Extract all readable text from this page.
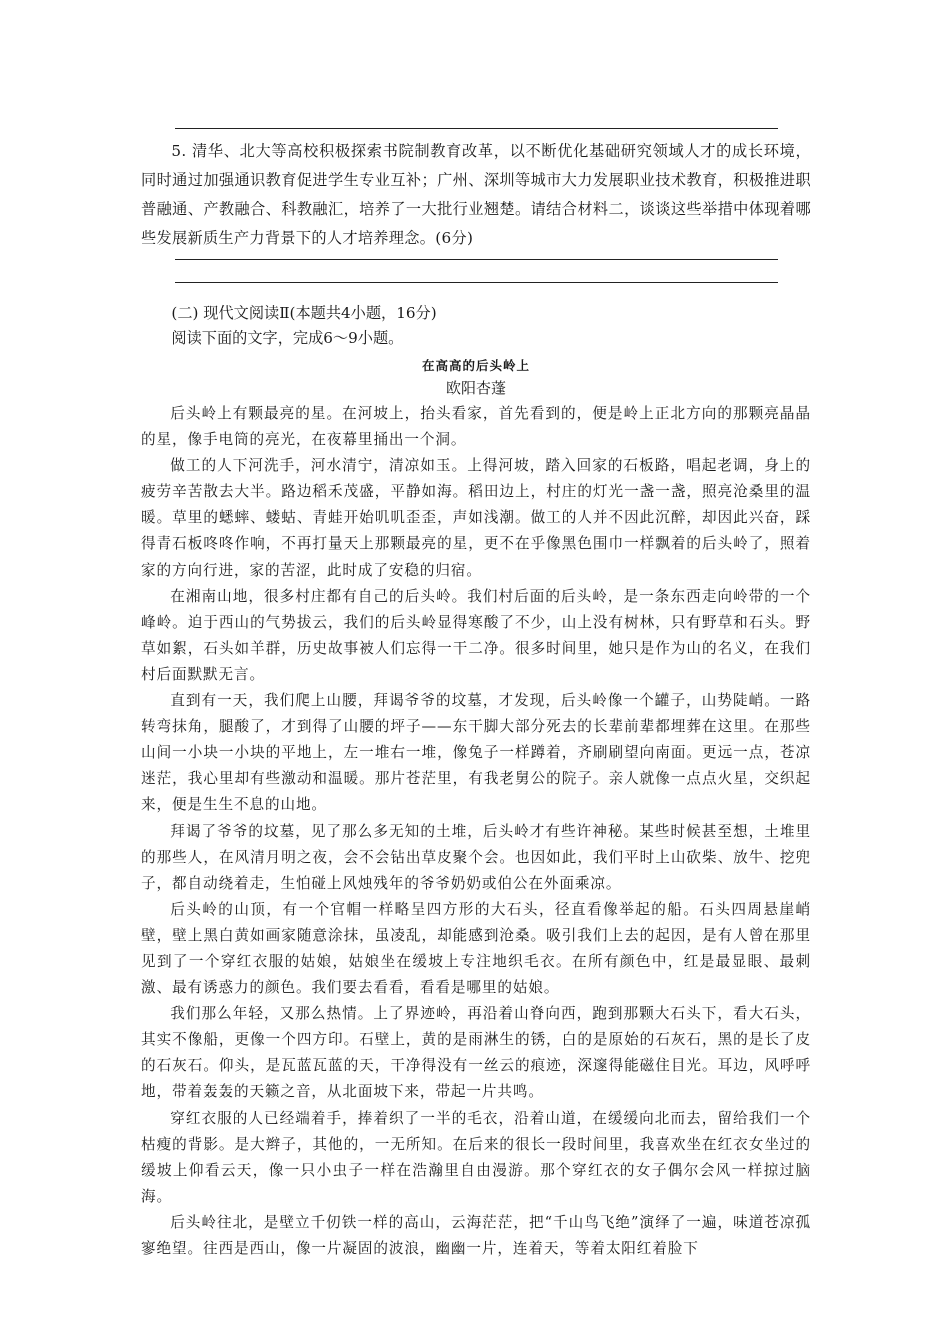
5. 清华、北大等高校积极探索书院制教育改革，以不断优化基础研究领域人才的成长环境，同时通过加强通识教育促进学生专业互补；广州、深圳等城市大力发展职业技术教育，积极推进职普融通、产教融合、科教融汇，培养了一大批行业翘楚。请结合材料二，谈谈这些举措中体现着哪些发展新质生产力背景下的人才培养理念。(6分)

(二) 现代文阅读Ⅱ(本题共4小题，16分)

阅读下面的文字，完成6～9小题。

在高高的后头岭上

欧阳杏蓬

后头岭上有颗最亮的星。在河坡上，抬头看家，首先看到的，便是岭上正北方向的那颗亮晶晶的星，像手电筒的亮光，在夜幕里捅出一个洞。

做工的人下河洗手，河水清宁，清凉如玉。上得河坡，踏入回家的石板路，唱起老调，身上的疲劳辛苦散去大半。路边稻禾茂盛，平静如海。稻田边上，村庄的灯光一盏一盏，照亮沧桑里的温暖。草里的蟋蟀、蝼蛄、青蛙开始叽叽歪歪，声如浅潮。做工的人并不因此沉醉，却因此兴奋，踩得青石板咚咚作响，不再打量天上那颗最亮的星，更不在乎像黑色围巾一样飘着的后头岭了，照着家的方向行进，家的苦涩，此时成了安稳的归宿。

在湘南山地，很多村庄都有自己的后头岭。我们村后面的后头岭，是一条东西走向岭带的一个峰岭。迫于西山的气势拔云，我们的后头岭显得寒酸了不少，山上没有树林，只有野草和石头。野草如絮，石头如羊群，历史故事被人们忘得一干二净。很多时间里，她只是作为山的名义，在我们村后面默默无言。

直到有一天，我们爬上山腰，拜谒爷爷的坟墓，才发现，后头岭像一个罐子，山势陡峭。一路转弯抹角，腿酸了，才到得了山腰的坪子——东干脚大部分死去的长辈前辈都埋葬在这里。在那些山间一小块一小块的平地上，左一堆右一堆，像兔子一样蹲着，齐刷刷望向南面。更远一点，苍凉迷茫，我心里却有些激动和温暖。那片苍茫里，有我老舅公的院子。亲人就像一点点火星，交织起来，便是生生不息的山地。

拜谒了爷爷的坟墓，见了那么多无知的土堆，后头岭才有些许神秘。某些时候甚至想，土堆里的那些人，在风清月明之夜，会不会钻出草皮聚个会。也因如此，我们平时上山砍柴、放牛、挖兜子，都自动绕着走，生怕碰上风烛残年的爷爷奶奶或伯公在外面乘凉。

后头岭的山顶，有一个官帽一样略呈四方形的大石头，径直看像举起的船。石头四周悬崖峭壁，壁上黑白黄如画家随意涂抹，虽凌乱，却能感到沧桑。吸引我们上去的起因，是有人曾在那里见到了一个穿红衣服的姑娘，姑娘坐在缓坡上专注地织毛衣。在所有颜色中，红是最显眼、最刺激、最有诱惑力的颜色。我们要去看看，看看是哪里的姑娘。

我们那么年轻，又那么热情。上了界迹岭，再沿着山脊向西，跑到那颗大石头下，看大石头，其实不像船，更像一个四方印。石壁上，黄的是雨淋生的锈，白的是原始的石灰石，黑的是长了皮的石灰石。仰头，是瓦蓝瓦蓝的天，干净得没有一丝云的痕迹，深邃得能磁住目光。耳边，风呼呼地，带着轰轰的天籁之音，从北面坡下来，带起一片共鸣。

穿红衣服的人已经端着手，捧着织了一半的毛衣，沿着山道，在缓缓向北而去，留给我们一个枯瘦的背影。是大辫子，其他的，一无所知。在后来的很长一段时间里，我喜欢坐在红衣女坐过的缓坡上仰看云天，像一只小虫子一样在浩瀚里自由漫游。那个穿红衣的女子偶尔会风一样掠过脑海。

后头岭往北，是壁立千仞铁一样的高山，云海茫茫，把“千山鸟飞绝”演绎了一遍，味道苍凉孤寥绝望。往西是西山，像一片凝固的波浪，幽幽一片，连着天，等着太阳红着脸下
